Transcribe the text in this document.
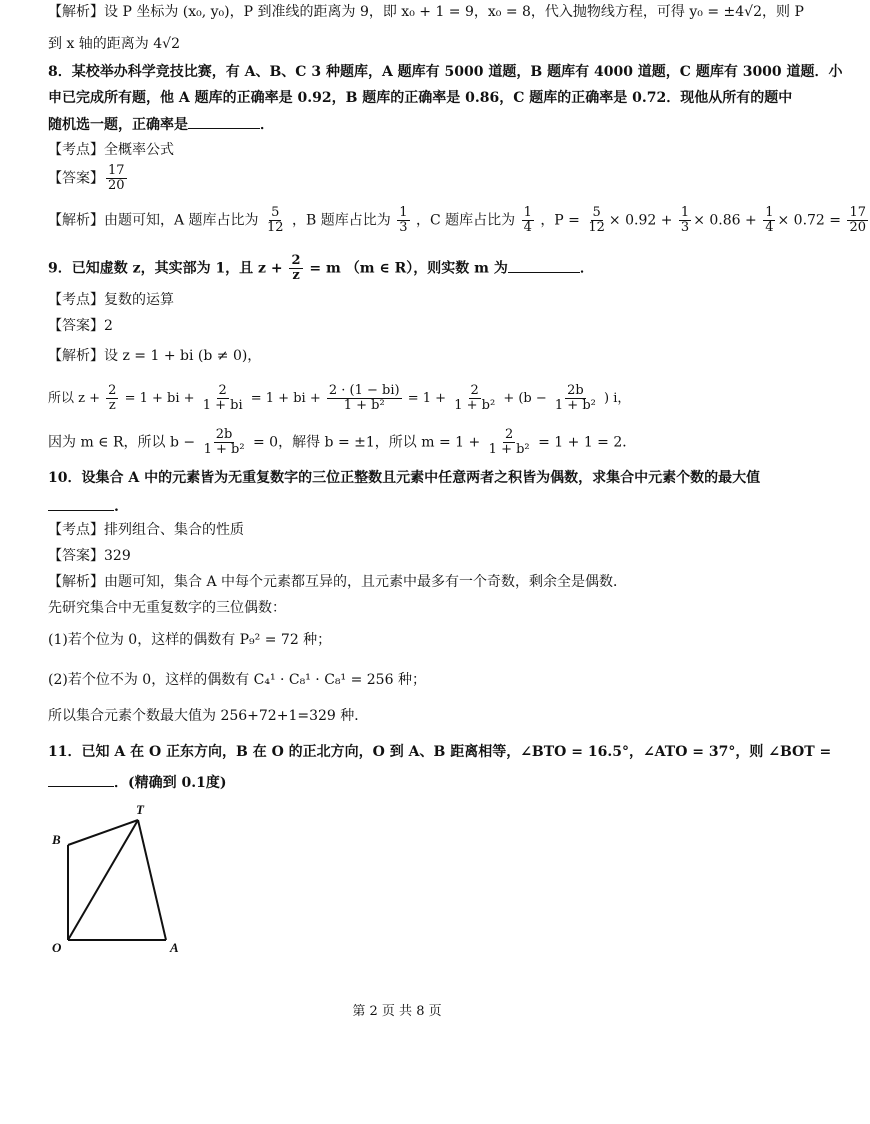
【解析】设 P 坐标为 (x₀, y₀)，P 到准线的距离为 9，即 x₀ + 1 = 9，x₀ = 8，代入抛物线方程，可得 y₀ = ±4√2，则 P
到 x 轴的距离为 4√2
8．某校举办科学竞技比赛，有 A、B、C 3 种题库，A 题库有 5000 道题，B 题库有 4000 道题，C 题库有 3000 道题．小
申已完成所有题，他 A 题库的正确率是 0.92，B 题库的正确率是 0.86，C 题库的正确率是 0.72．现他从所有的题中
随机选一题，正确率是	．
【考点】全概率公式
【答案】 $\frac{17}{20}$
【解析】由题可知，A 题库占比为 $\frac{5}{12}$ ，B 题库占比为 $\frac{1}{3}$ ，C 题库占比为 $\frac{1}{4}$ ，$P = \frac{5}{12} \times 0.92 + \frac{1}{3} \times 0.86 + \frac{1}{4} \times 0.72 = \frac{17}{20}$
9．已知虚数 z，其实部为 1，且 $z + \frac{2}{z} = m$ （m ∈ R），则实数 m 为	．
【考点】复数的运算
【答案】2
【解析】设 z = 1 + bi (b ≠ 0)，
所以 $z + \frac{2}{z} = 1$ + bi + $\frac{2}{1 + bi} = 1$ + bi + $\frac{2 \cdot (1 - bi)}{\text{1 + b²}} = 1 + \frac{2}{\text{1 + b²}} + (b - \frac{2b}{\text{1 + b²}}$ ) i，
因为 m ∈ R，所以 $b - \frac{2b}{\text{1 + b²}} = 0$，解得 b = ±1，所以 $m = 1 + \frac{2}{\text{1 + b²}} = 1 + 1 = 2$．
10．设集合 A 中的元素皆为无重复数字的三位正整数且元素中任意两者之积皆为偶数，求集合中元素个数的最大值
.
【考点】排列组合、集合的性质
【答案】329
【解析】由题可知，集合 A 中每个元素都互异的，且元素中最多有一个奇数，剩余全是偶数．
先研究集合中无重复数字的三位偶数：
(1)若个位为 0，这样的偶数有 P₉² = 72 种；
(2)若个位不为 0，这样的偶数有 C₄¹ · C₈¹ · C₈¹ = 256 种；
所以集合元素个数最大值为 256+72+1=329 种．
11．已知 A 在 O 正东方向，B 在 O 的正北方向，O 到 A、B 距离相等，∠BTO = 16.5°，∠ATO = 37°，则 ∠BOT =
．(精确到 0.1度)
T
B
O	A
第 2 页 共 8 页
